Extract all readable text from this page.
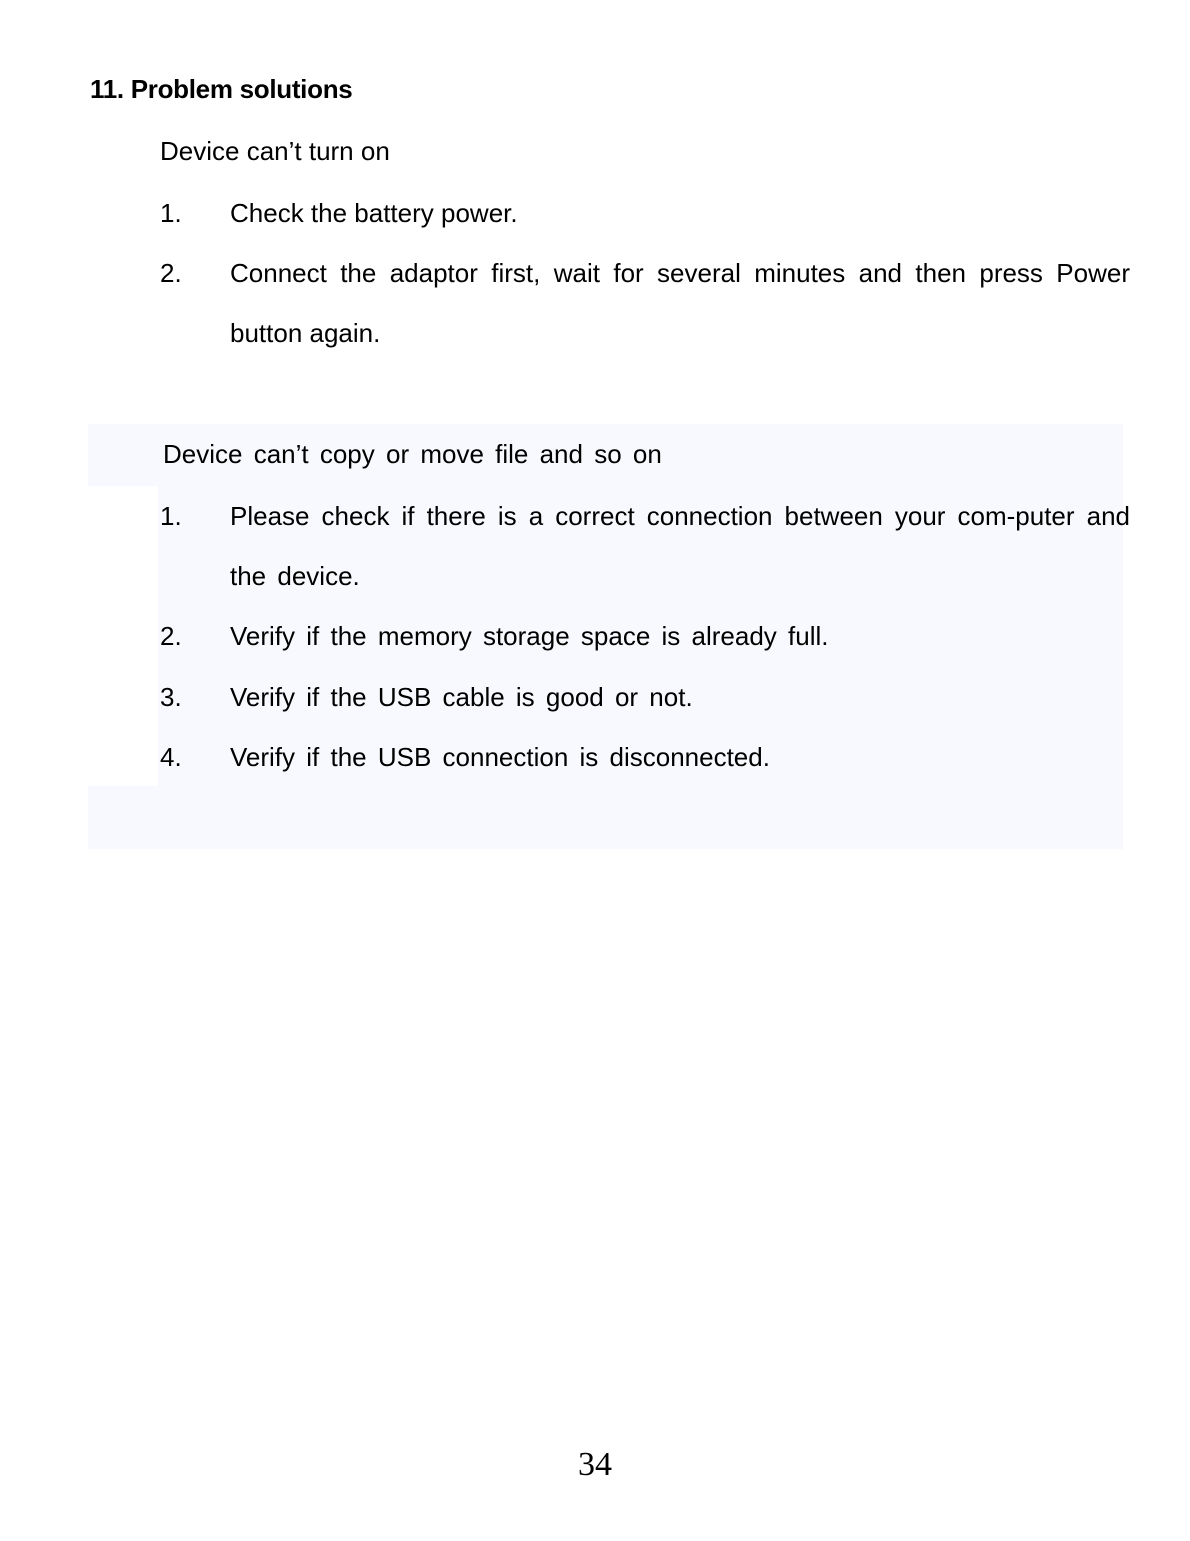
11. Problem solutions

Device can’t turn on

1.	Check the battery power.
2.	Connect the adaptor first, wait for several minutes and then press Power button again.

Device can’t copy or move file and so on

1.	Please check if there is a correct connection between your com-puter and the device.
2.	Verify if the memory storage space is already full.
3.	Verify if the USB cable is good or not.
4.	Verify if the USB connection is disconnected.
34
